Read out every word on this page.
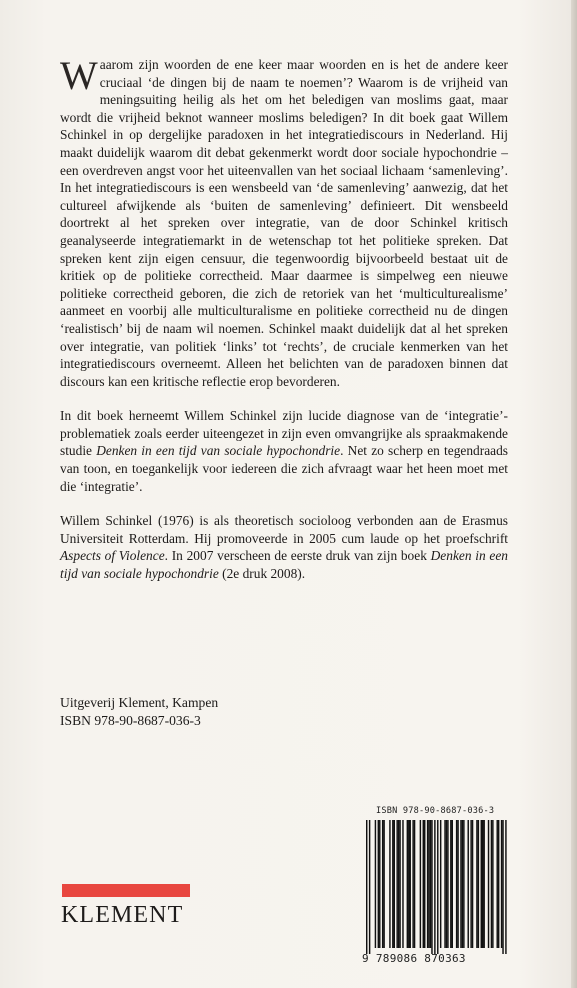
Waarom zijn woorden de ene keer maar woorden en is het de andere keer cruciaal ‘de dingen bij de naam te noemen’? Waarom is de vrijheid van meningsuiting heilig als het om het beledigen van moslims gaat, maar wordt die vrijheid beknot wanneer moslims beledigen? In dit boek gaat Willem Schinkel in op dergelijke paradoxen in het integratiediscours in Nederland. Hij maakt duidelijk waarom dit debat gekenmerkt wordt door sociale hypochondrie – een overdreven angst voor het uiteenvallen van het sociaal lichaam ‘samenleving’. In het integratiediscours is een wensbeeld van ‘de samenleving’ aanwezig, dat het cultureel afwijkende als ‘buiten de samenleving’ definieert. Dit wensbeeld doortrekt al het spreken over integratie, van de door Schinkel kritisch geanalyseerde integratiemarkt in de wetenschap tot het politieke spreken. Dat spreken kent zijn eigen censuur, die tegenwoordig bijvoorbeeld bestaat uit de kritiek op de politieke correctheid. Maar daarmee is simpelweg een nieuwe politieke correctheid geboren, die zich de retoriek van het ‘multiculturealisme’ aanmeet en voorbij alle multiculturalisme en politieke correctheid nu de dingen ‘realistisch’ bij de naam wil noemen. Schinkel maakt duidelijk dat al het spreken over integratie, van politiek ‘links’ tot ‘rechts’, de cruciale kenmerken van het integratiediscours overneemt. Alleen het belichten van de paradoxen binnen dat discours kan een kritische reflectie erop bevorderen.

In dit boek herneemt Willem Schinkel zijn lucide diagnose van de ‘integratie’-problematiek zoals eerder uiteengezet in zijn even omvangrijke als spraakmakende studie Denken in een tijd van sociale hypochondrie. Net zo scherp en tegendraads van toon, en toegankelijk voor iedereen die zich afvraagt waar het heen moet met die ‘integratie’.

Willem Schinkel (1976) is als theoretisch socioloog verbonden aan de Erasmus Universiteit Rotterdam. Hij promoveerde in 2005 cum laude op het proefschrift Aspects of Violence. In 2007 verscheen de eerste druk van zijn boek Denken in een tijd van sociale hypochondrie (2e druk 2008).

Uitgeverij Klement, Kampen
ISBN 978-90-8687-036-3
ISBN 978-90-8687-036-3
9 789086 870363
KLEMENT
